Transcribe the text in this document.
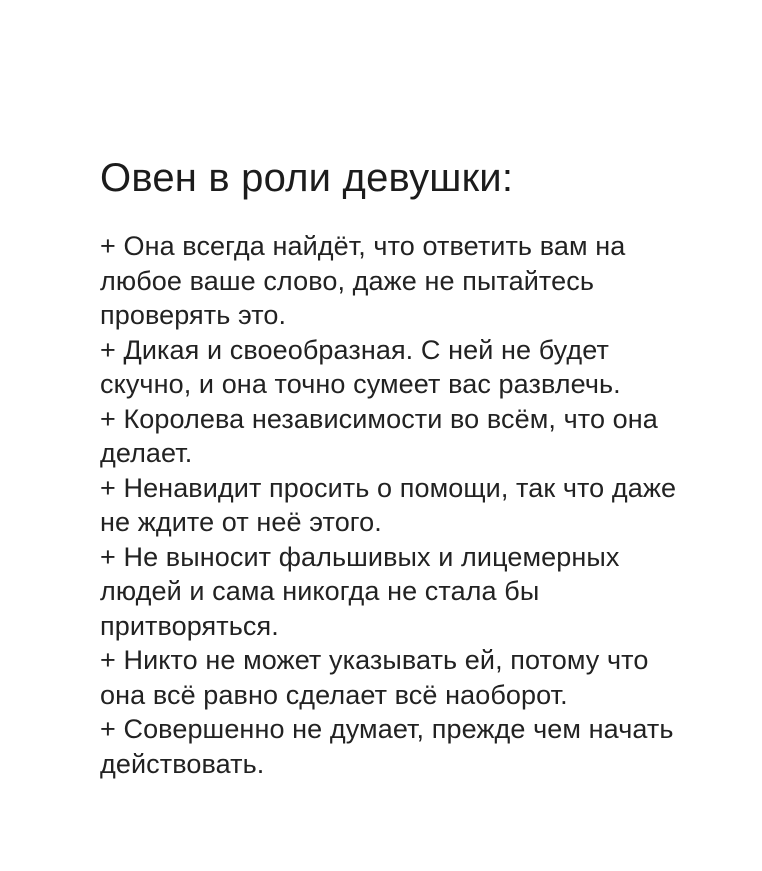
Овен в роли девушки:

+ Она всегда найдёт, что ответить вам на любое ваше слово, даже не пытайтесь проверять это.

+ Дикая и своеобразная. С ней не будет скучно, и она точно сумеет вас развлечь.

+ Королева независимости во всём, что она делает.

+ Ненавидит просить о помощи, так что даже не ждите от неё этого.

+ Не выносит фальшивых и лицемерных людей и сама никогда не стала бы притворяться.

+ Никто не может указывать ей, потому что она всё равно сделает всё наоборот.

+ Совершенно не думает, прежде чем начать действовать.
